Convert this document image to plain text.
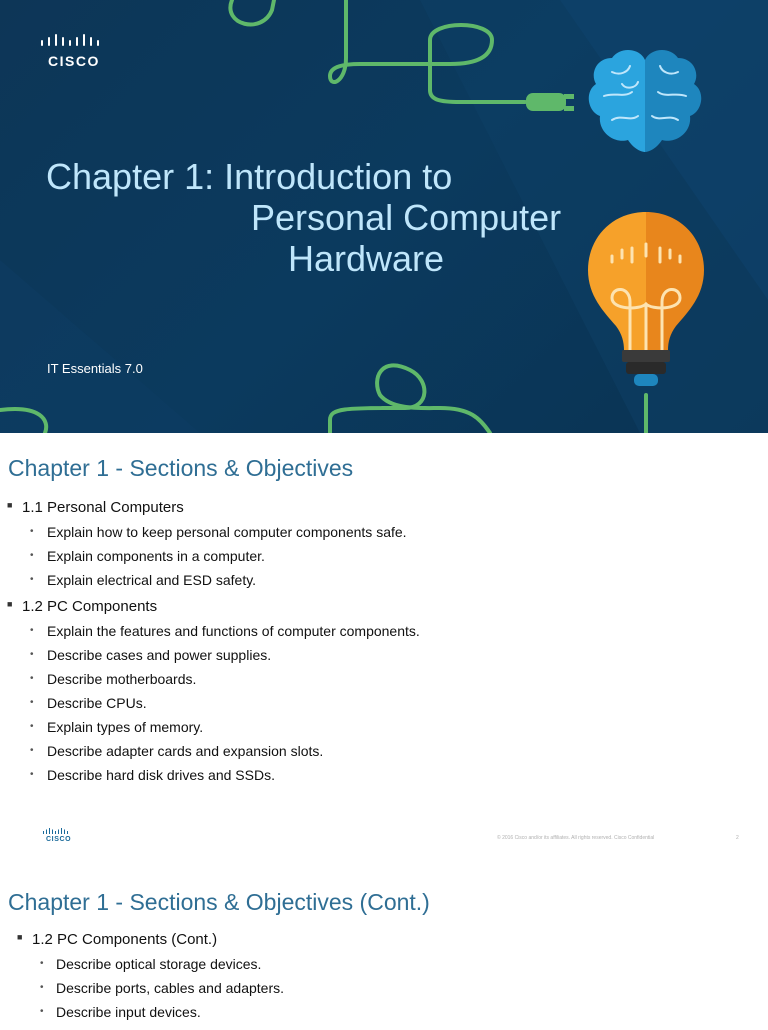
CISCO
Chapter 1: Introduction to
Personal Computer
Hardware
IT Essentials 7.0
Chapter 1 - Sections & Objectives
■ 1.1 Personal Computers
• Explain how to keep personal computer components safe.
• Explain components in a computer.
• Explain electrical and ESD safety.
■ 1.2 PC Components
• Explain the features and functions of computer components.
• Describe cases and power supplies.
• Describe motherboards.
• Describe CPUs.
• Explain types of memory.
• Describe adapter cards and expansion slots.
• Describe hard disk drives and SSDs.
CISCO	© 2016 Cisco and/or its affiliates. All rights reserved. Cisco Confidential	2
Chapter 1 - Sections & Objectives (Cont.)
■ 1.2 PC Components (Cont.)
• Describe optical storage devices.
• Describe ports, cables and adapters.
• Describe input devices.
